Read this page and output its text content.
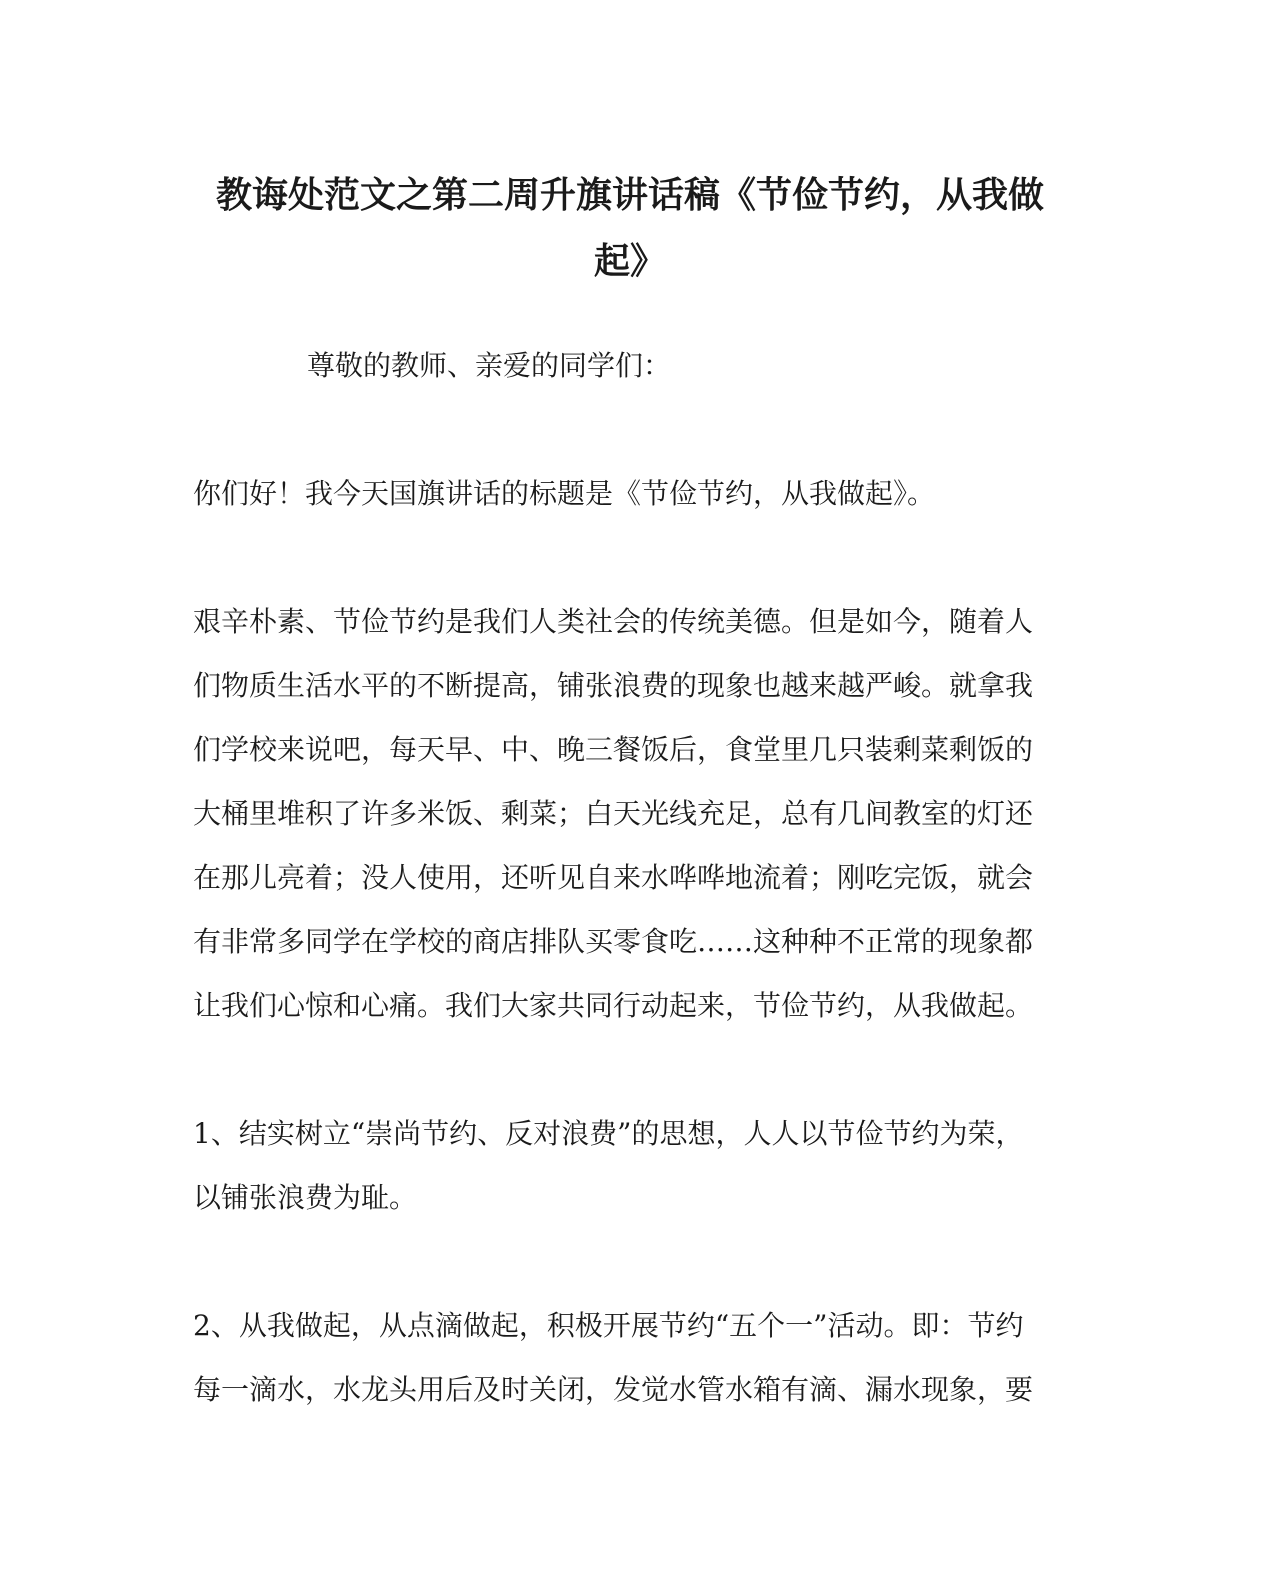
教诲处范文之第二周升旗讲话稿《节俭节约，从我做
起》

尊敬的教师、亲爱的同学们：

你们好！我今天国旗讲话的标题是《节俭节约，从我做起》。

艰辛朴素、节俭节约是我们人类社会的传统美德。但是如今，随着人
们物质生活水平的不断提高，铺张浪费的现象也越来越严峻。就拿我
们学校来说吧，每天早、中、晚三餐饭后，食堂里几只装剩菜剩饭的
大桶里堆积了许多米饭、剩菜；白天光线充足，总有几间教室的灯还
在那儿亮着；没人使用，还听见自来水哗哗地流着；刚吃完饭，就会
有非常多同学在学校的商店排队买零食吃……这种种不正常的现象都
让我们心惊和心痛。我们大家共同行动起来，节俭节约，从我做起。

1、结实树立“崇尚节约、反对浪费”的思想，人人以节俭节约为荣，
以铺张浪费为耻。

2、从我做起，从点滴做起，积极开展节约“五个一”活动。即：节约
每一滴水，水龙头用后及时关闭，发觉水管水箱有滴、漏水现象，要
